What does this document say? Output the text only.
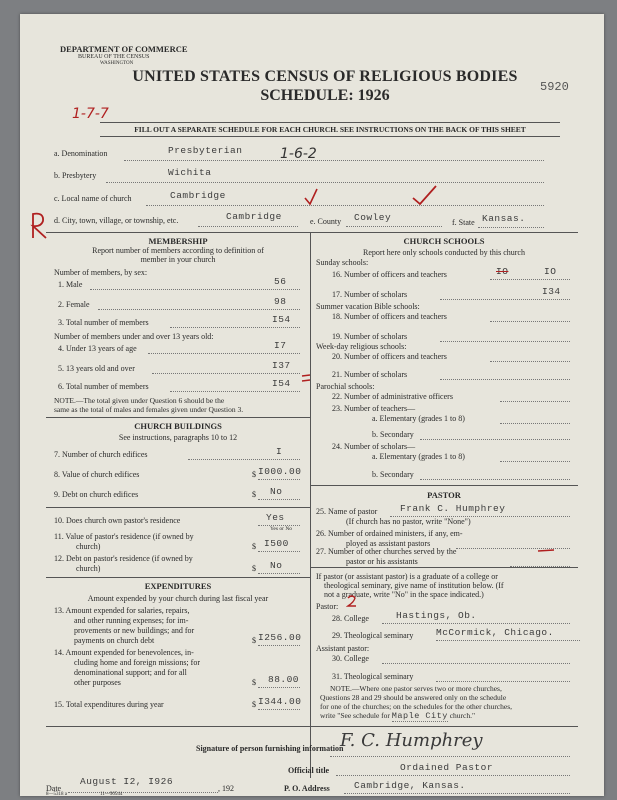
DEPARTMENT OF COMMERCE
BUREAU OF THE CENSUS
WASHINGTON
UNITED STATES CENSUS OF RELIGIOUS BODIES
SCHEDULE: 1926	5920
1-7-7
FILL OUT A SEPARATE SCHEDULE FOR EACH CHURCH. SEE INSTRUCTIONS ON THE BACK OF THIS SHEET
a. Denomination	Presbyterian	1-6-2
b. Presbytery	Wichita
c. Local name of church	Cambridge
d. City, town, village, or township, etc.	Cambridge	e. County Cowley	f. State Kansas.
MEMBERSHIP
Report number of members according to definition of
member in your church
Number of members, by sex:
1. Male	56
2. Female	98
3. Total number of members	I54
Number of members under and over 13 years old:
4. Under 13 years of age	I7
5. 13 years old and over	I37
6. Total number of members	I54
NOTE.—The total given under Question 6 should be the
same as the total of males and females given under Question 3.
CHURCH BUILDINGS
See instructions, paragraphs 10 to 12
7. Number of church edifices	I
8. Value of church edifices	$ I000.00
9. Debt on church edifices	$ No
10. Does church own pastor's residence	Yes
Yes or No
11. Value of pastor's residence (if owned by
church)	$ I500
12. Debt on pastor's residence (if owned by
church)	$ No
EXPENDITURES
Amount expended by your church during last fiscal year
13. Amount expended for salaries, repairs,
and other running expenses; for im-
provements or new buildings; and for
payments on church debt	$ I256.00
14. Amount expended for benevolences, in-
cluding home and foreign missions; for
denominational support; and for all
other purposes	$ 88.00
15. Total expenditures during year	$ I344.00
CHURCH SCHOOLS
Report here only schools conducted by this church
Sunday schools:
16. Number of officers and teachers	IO	IO
17. Number of scholars	I34
Summer vacation Bible schools:
18. Number of officers and teachers
19. Number of scholars
Week-day religious schools:
20. Number of officers and teachers
21. Number of scholars
Parochial schools:
22. Number of administrative officers
23. Number of teachers—
a. Elementary (grades 1 to 8)
b. Secondary
24. Number of scholars—
a. Elementary (grades 1 to 8)
b. Secondary
PASTOR
25. Name of pastor Frank C. Humphrey
(If church has no pastor, write "None")
26. Number of ordained ministers, if any, em-
ployed as assistant pastors
27. Number of other churches served by the
pastor or his assistants
If pastor (or assistant pastor) is a graduate of a college or
theological seminary, give name of institution below. (If
not a graduate, write "No" in the space indicated.)
Pastor:
28. College	Hastings, Ob.
29. Theological seminary McCormick, Chicago.
Assistant pastor:
30. College
31. Theological seminary
NOTE.—Where one pastor serves two or more churches,
Questions 28 and 29 should be answered only on the schedule
for one of the churches; on the schedules for the other churches,
write "See schedule for Maple City church."
Signature of person furnishing information
F. C. Humphrey
Official title	Ordained Pastor
Date
August I2, I926
, 192	P. O. Address	Cambridge, Kansas.
8—5318 a	11—90544
